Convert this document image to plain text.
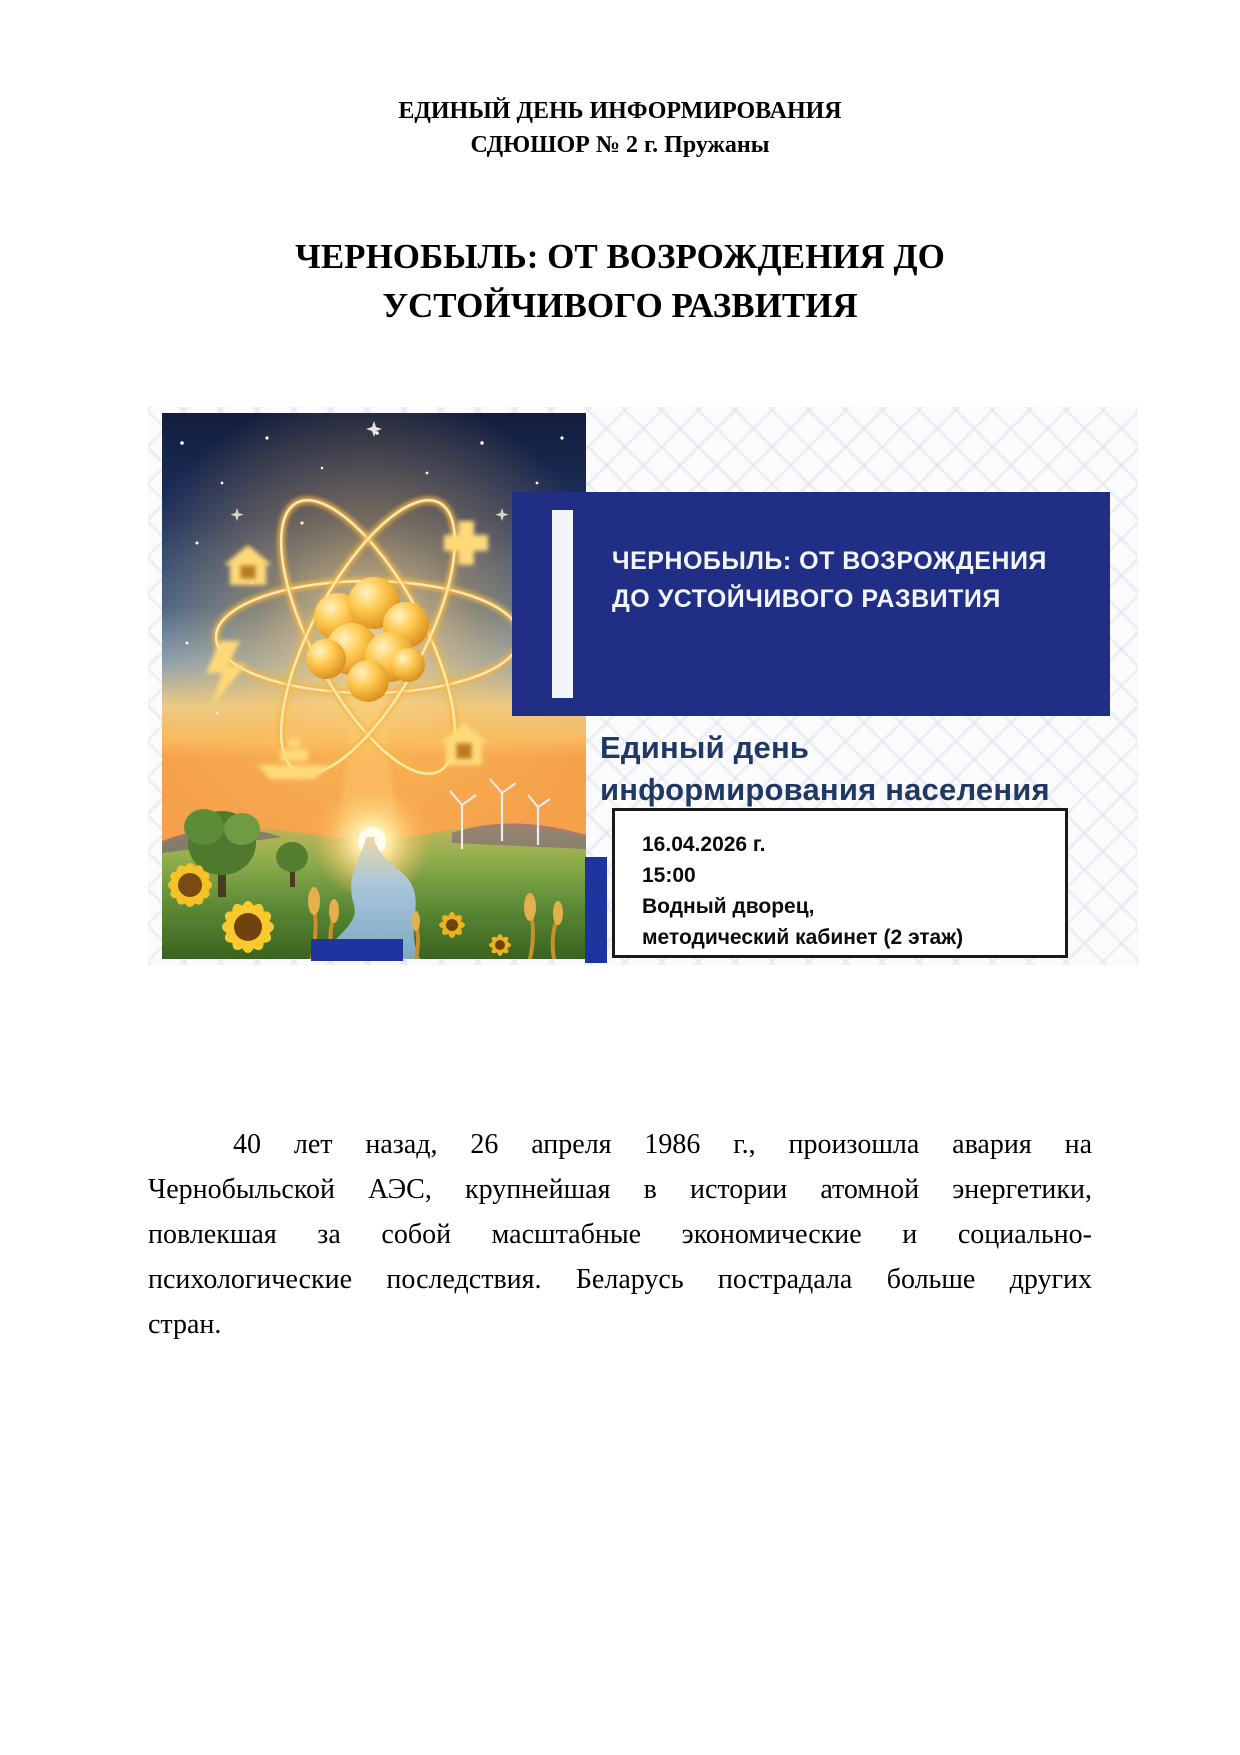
ЕДИНЫЙ ДЕНЬ ИНФОРМИРОВАНИЯ
СДЮШОР № 2 г. Пружаны
ЧЕРНОБЫЛЬ: ОТ ВОЗРОЖДЕНИЯ ДО
УСТОЙЧИВОГО РАЗВИТИЯ
ЧЕРНОБЫЛЬ: ОТ ВОЗРОЖДЕНИЯ
ДО УСТОЙЧИВОГО РАЗВИТИЯ
Единый день
информирования населения
16.04.2026 г.
15:00
Водный дворец,
методический кабинет (2 этаж)

40 лет назад, 26 апреля 1986 г., произошла авария на Чернобыльской АЭС, крупнейшая в истории атомной энергетики, повлекшая за собой масштабные экономические и социально-психологические последствия. Беларусь пострадала больше других стран.
